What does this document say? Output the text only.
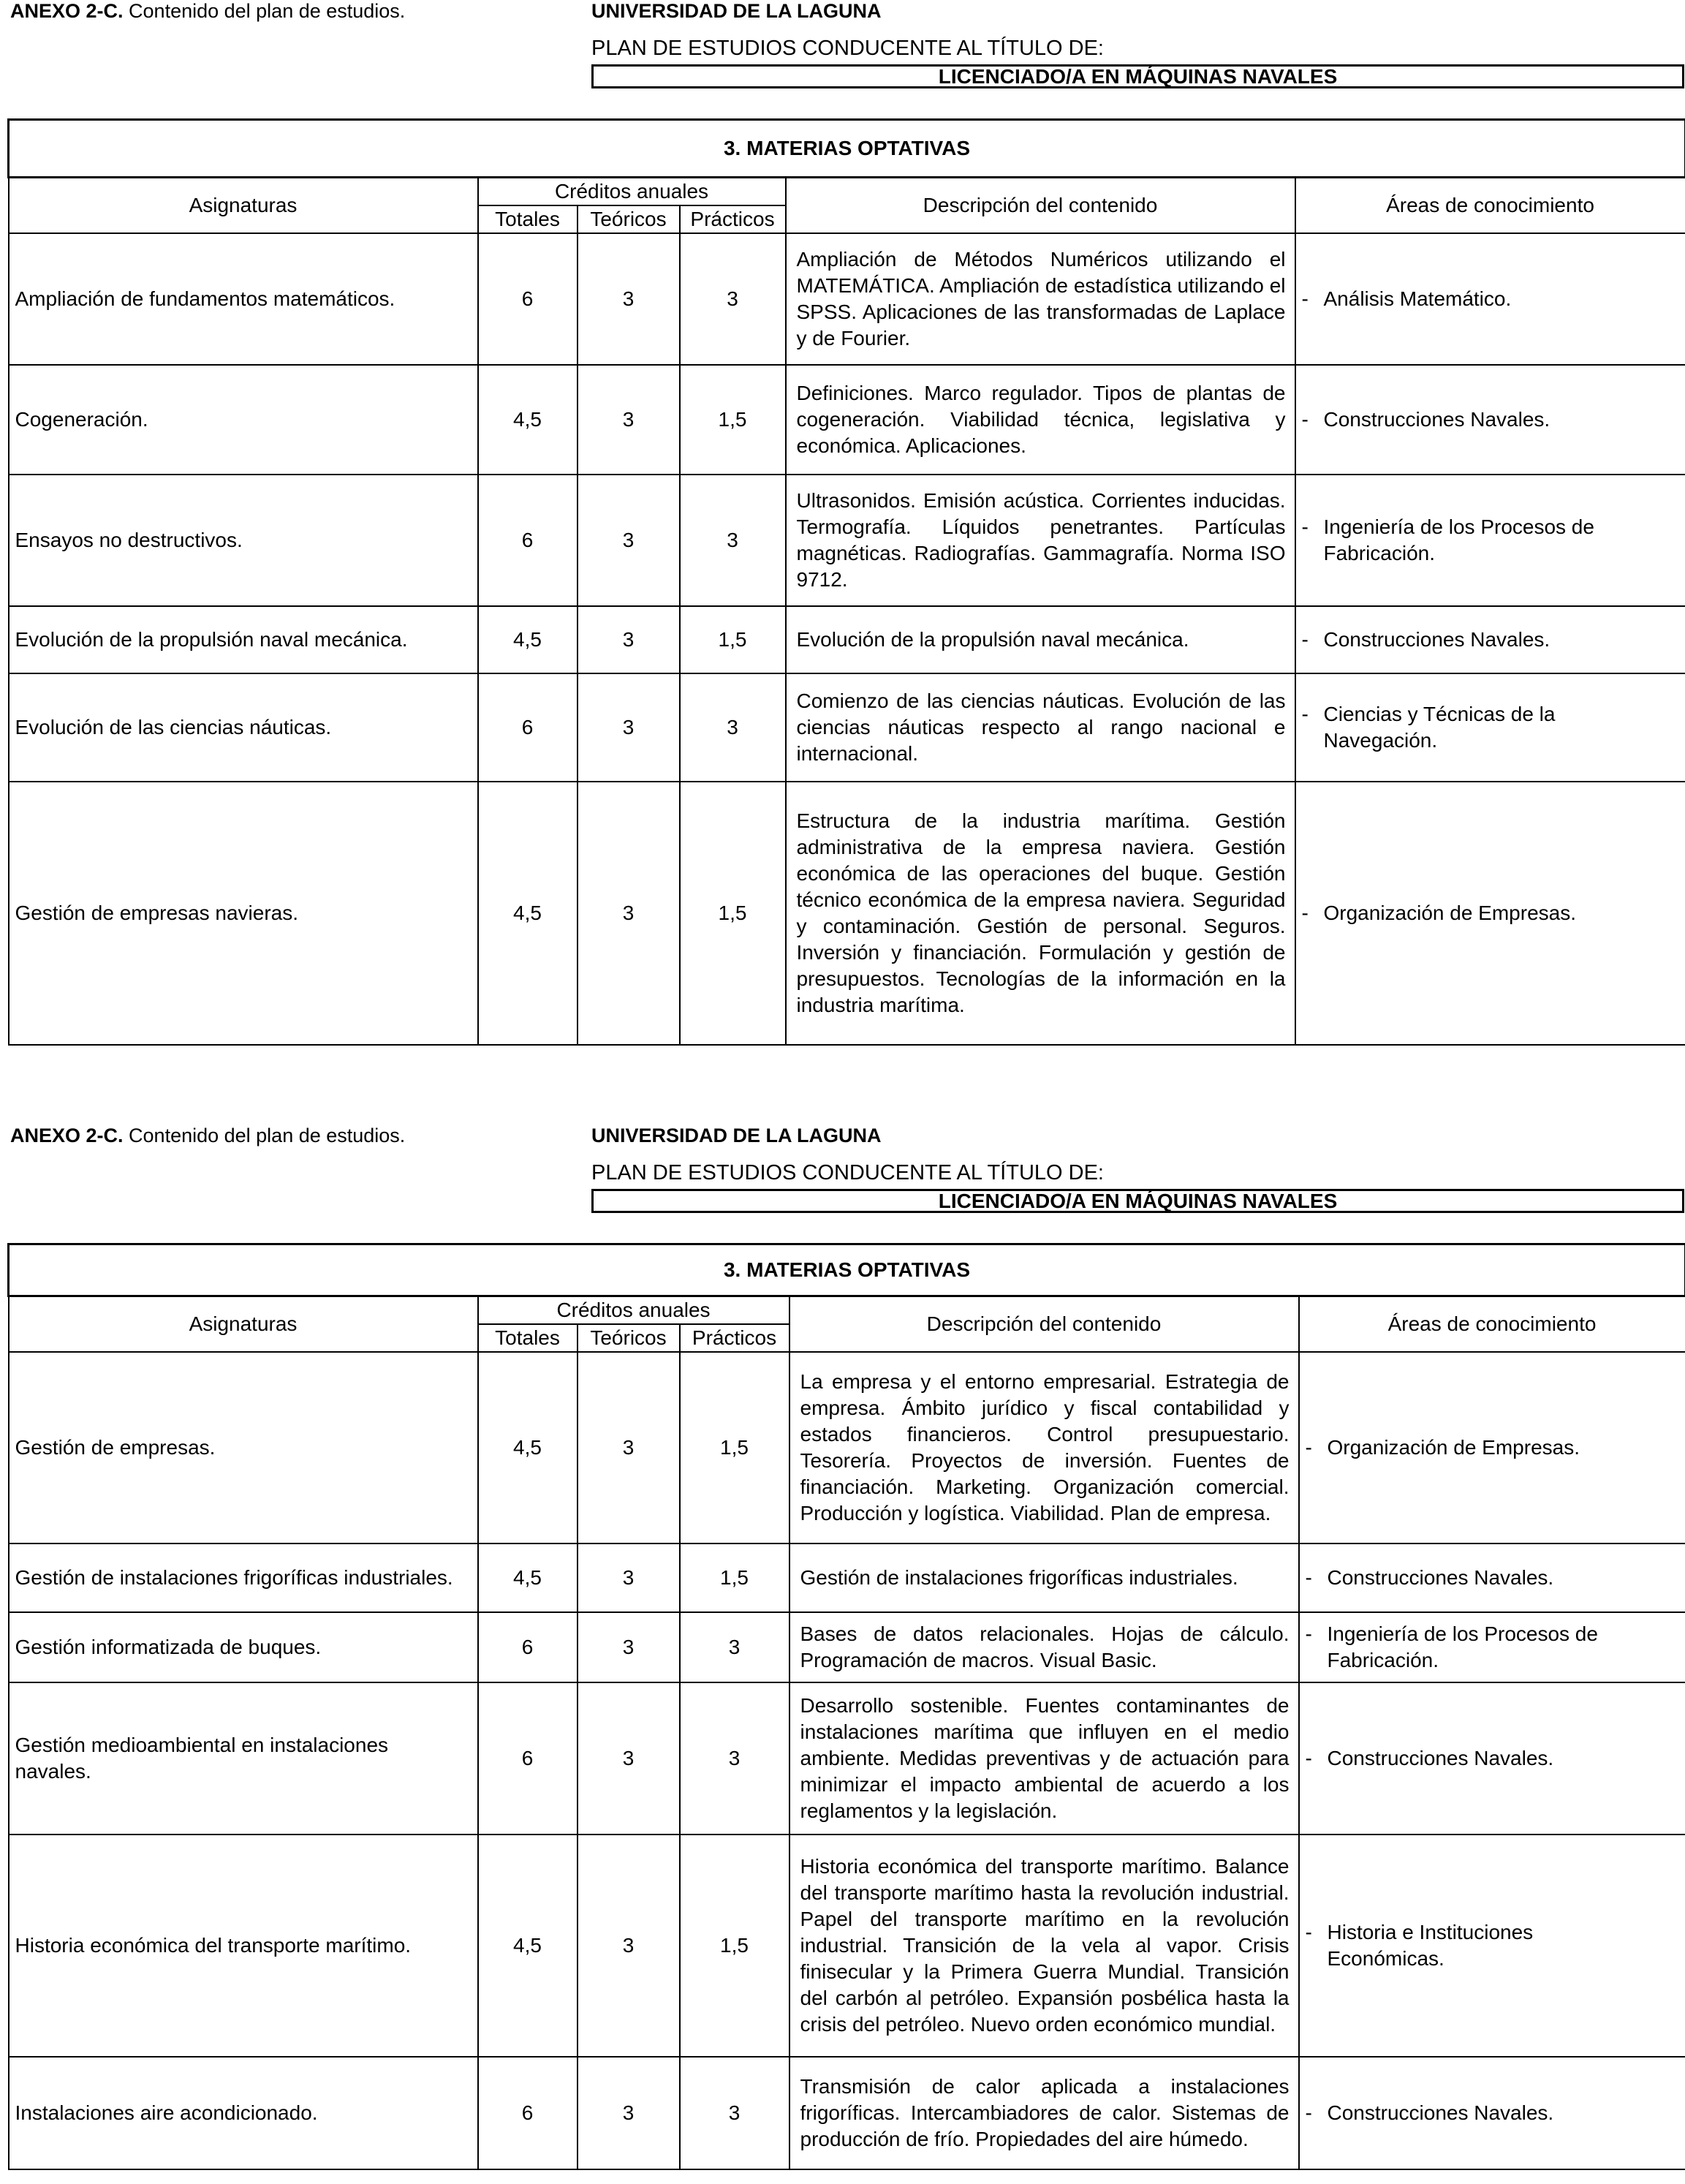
ANEXO 2-C. Contenido del plan de estudios.	UNIVERSIDAD DE LA LAGUNA
PLAN DE ESTUDIOS CONDUCENTE AL TÍTULO DE:
LICENCIADO/A EN MÁQUINAS NAVALES
3. MATERIAS OPTATIVAS					
Asignaturas	Créditos anuales			Descripción del contenido	Áreas de conocimiento
	Totales	Teóricos	Prácticos		
Ampliación de fundamentos matemáticos.	6	3	3	Ampliación de Métodos Numéricos utilizando el MATEMÁTICA. Ampliación de estadística utilizando el SPSS. Aplicaciones de las transformadas de Laplace y de Fourier.	- Análisis Matemático.

Cogeneración.	4,5	3	1,5	Definiciones. Marco regulador. Tipos de plantas de cogeneración. Viabilidad técnica, legislativa y económica. Aplicaciones.	- Construcciones Navales.

Ensayos no destructivos.	6	3	3	Ultrasonidos. Emisión acústica. Corrientes inducidas. Termografía. Líquidos penetrantes. Partículas magnéticas. Radiografías. Gammagrafía. Norma ISO 9712.	- Ingeniería de los Procesos de Fabricación.

Evolución de la propulsión naval mecánica.	4,5	3	1,5	Evolución de la propulsión naval mecánica.	- Construcciones Navales.

Evolución de las ciencias náuticas.	6	3	3	Comienzo de las ciencias náuticas. Evolución de las ciencias náuticas respecto al rango nacional e internacional.	- Ciencias y Técnicas de la Navegación.

Gestión de empresas navieras.	4,5	3	1,5	Estructura de la industria marítima. Gestión administrativa de la empresa naviera. Gestión económica de las operaciones del buque. Gestión técnico económica de la empresa naviera. Seguridad y contaminación. Gestión de personal. Seguros. Inversión y financiación. Formulación y gestión de presupuestos. Tecnologías de la información en la industria marítima.	- Organización de Empresas.
ANEXO 2-C. Contenido del plan de estudios.	UNIVERSIDAD DE LA LAGUNA
PLAN DE ESTUDIOS CONDUCENTE AL TÍTULO DE:
LICENCIADO/A EN MÁQUINAS NAVALES
3. MATERIAS OPTATIVAS					
Asignaturas	Créditos anuales			Descripción del contenido	Áreas de conocimiento
	Totales	Teóricos	Prácticos		
Gestión de empresas.	4,5	3	1,5	La empresa y el entorno empresarial. Estrategia de empresa. Ámbito jurídico y fiscal contabilidad y estados financieros. Control presupuestario. Tesorería. Proyectos de inversión. Fuentes de financiación. Marketing. Organización comercial. Producción y logística. Viabilidad. Plan de empresa.	- Organización de Empresas.

Gestión de instalaciones frigoríficas industriales.	4,5	3	1,5	Gestión de instalaciones frigoríficas industriales.	- Construcciones Navales.

Gestión informatizada de buques.	6	3	3	Bases de datos relacionales. Hojas de cálculo. Programación de macros. Visual Basic.	- Ingeniería de los Procesos de Fabricación.

Gestión medioambiental en instalaciones navales.	6	3	3	Desarrollo sostenible. Fuentes contaminantes de instalaciones marítima que influyen en el medio ambiente. Medidas preventivas y de actuación para minimizar el impacto ambiental de acuerdo a los reglamentos y la legislación.	- Construcciones Navales.

Historia económica del transporte marítimo.	4,5	3	1,5	Historia económica del transporte marítimo. Balance del transporte marítimo hasta la revolución industrial. Papel del transporte marítimo en la revolución industrial. Transición de la vela al vapor. Crisis finisecular y la Primera Guerra Mundial. Transición del carbón al petróleo. Expansión posbélica hasta la crisis del petróleo. Nuevo orden económico mundial.	- Historia e Instituciones Económicas.

Instalaciones aire acondicionado.	6	3	3	Transmisión de calor aplicada a instalaciones frigoríficas. Intercambiadores de calor. Sistemas de producción de frío. Propiedades del aire húmedo.	- Construcciones Navales.
